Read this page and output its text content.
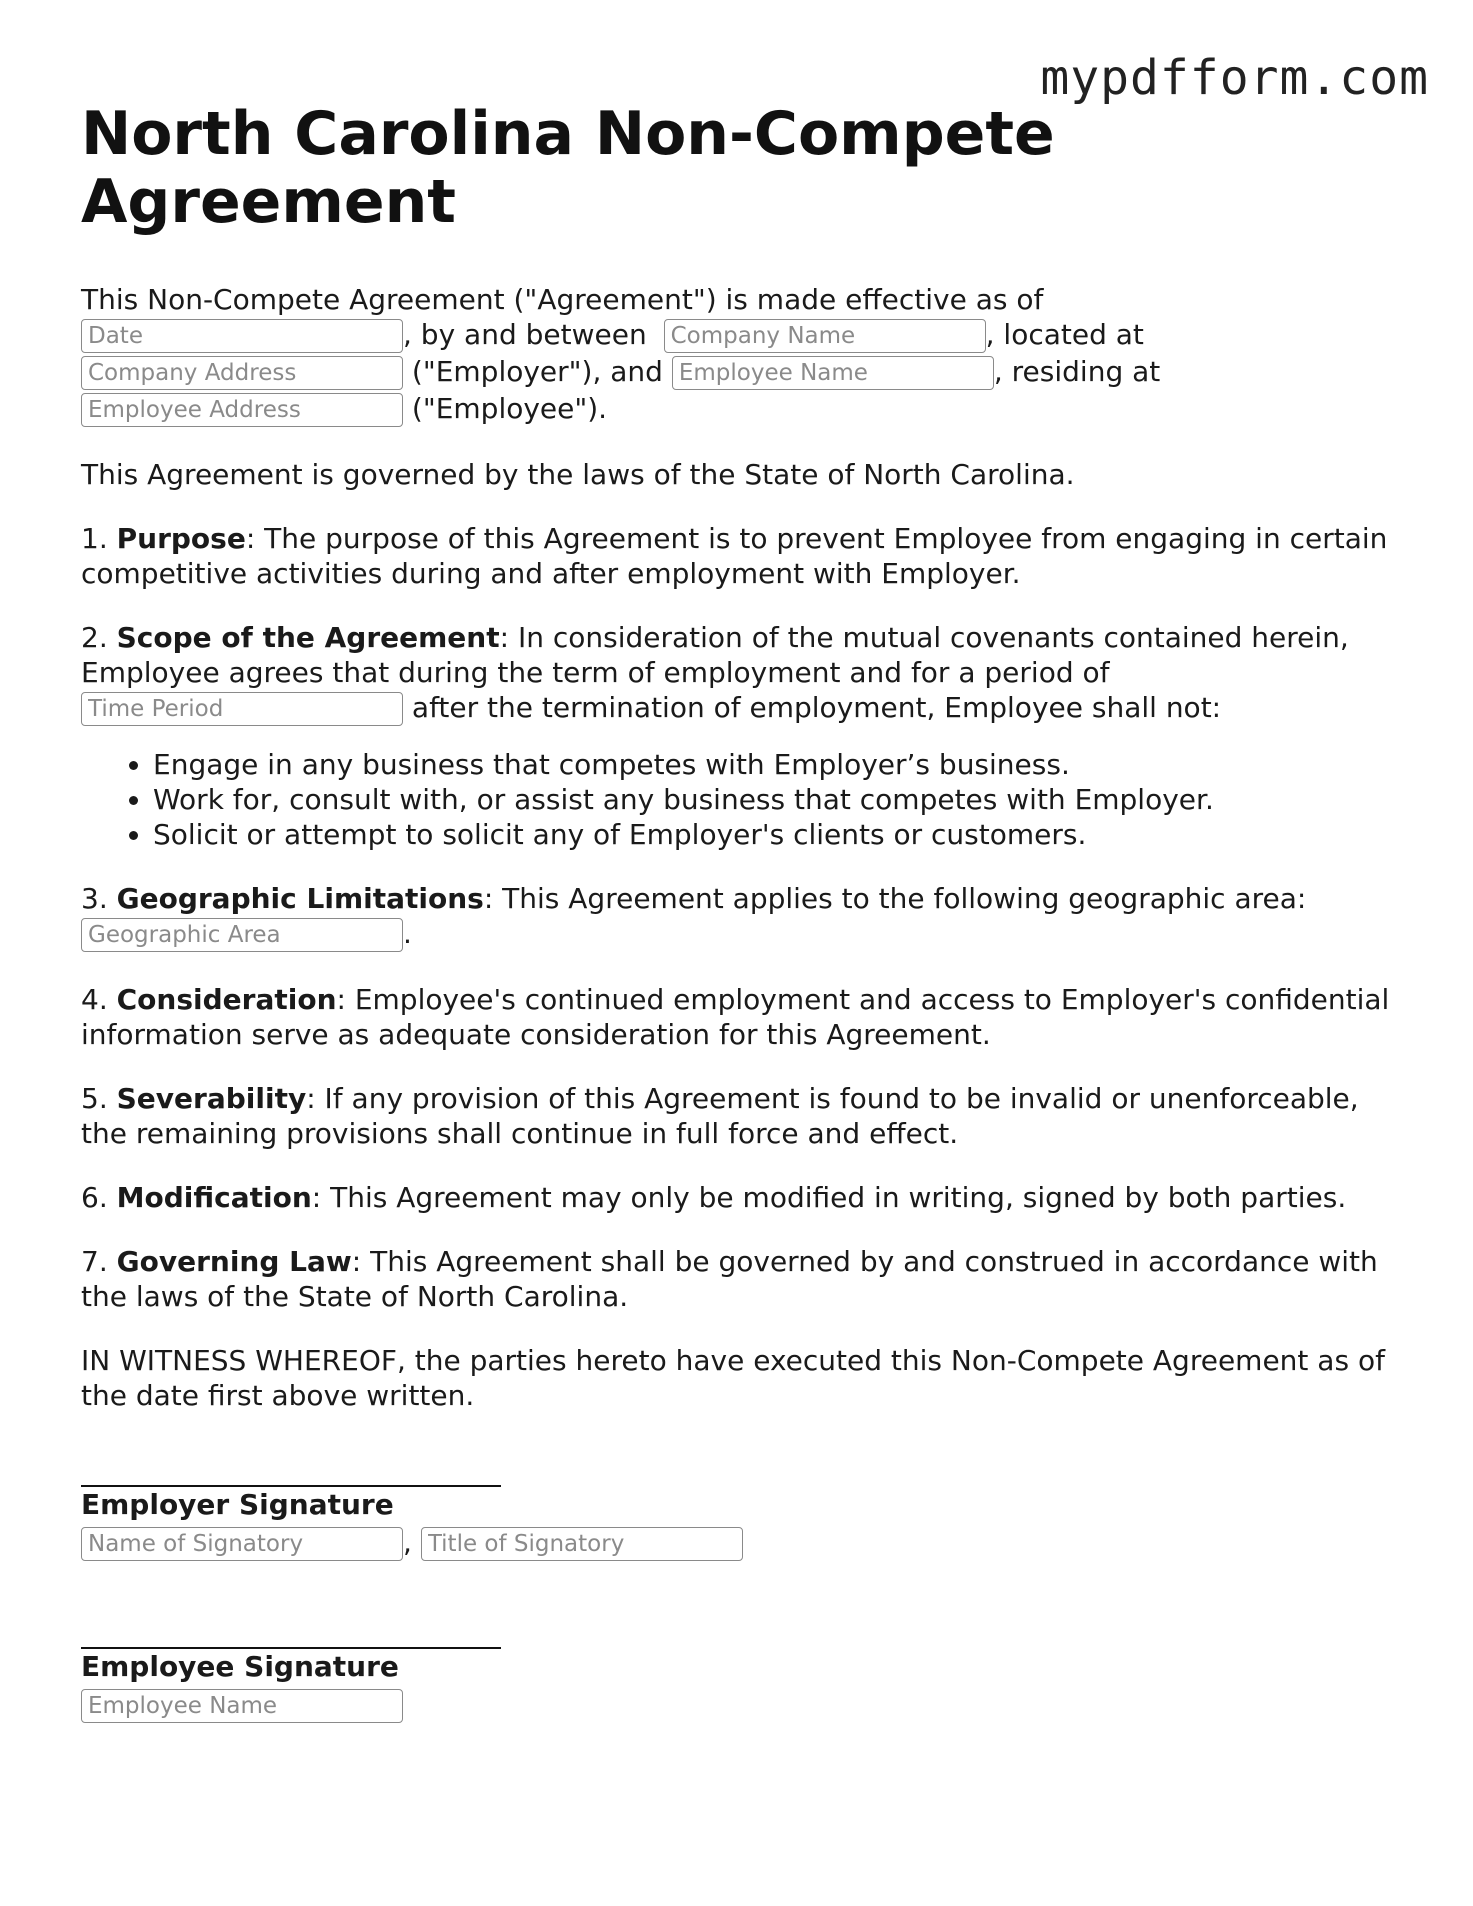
mypdfform.com
North Carolina Non-Compete Agreement

This Non-Compete Agreement ("Agreement") is made effective as of
Date, by and between Company Name	, located at
Company Address ("Employer"), and Employee Name	, residing at
Employee Address ("Employee").

This Agreement is governed by the laws of the State of North Carolina.

1. Purpose: The purpose of this Agreement is to prevent Employee from engaging in certain competitive activities during and after employment with Employer.

2. Scope of the Agreement: In consideration of the mutual covenants contained herein, Employee agrees that during the term of employment and for a period of
Time Period after the termination of employment, Employee shall not:

• Engage in any business that competes with Employer’s business.
• Work for, consult with, or assist any business that competes with Employer.
• Solicit or attempt to solicit any of Employer's clients or customers.

3. Geographic Limitations: This Agreement applies to the following geographic area:
Geographic Area.

4. Consideration: Employee's continued employment and access to Employer's confidential information serve as adequate consideration for this Agreement.

5. Severability: If any provision of this Agreement is found to be invalid or unenforceable, the remaining provisions shall continue in full force and effect.

6. Modification: This Agreement may only be modified in writing, signed by both parties.

7. Governing Law: This Agreement shall be governed by and construed in accordance with the laws of the State of North Carolina.

IN WITNESS WHEREOF, the parties hereto have executed this Non-Compete Agreement as of the date first above written.

Employer Signature
Name of Signatory, Title of Signatory
Employee Signature
Employee Name
